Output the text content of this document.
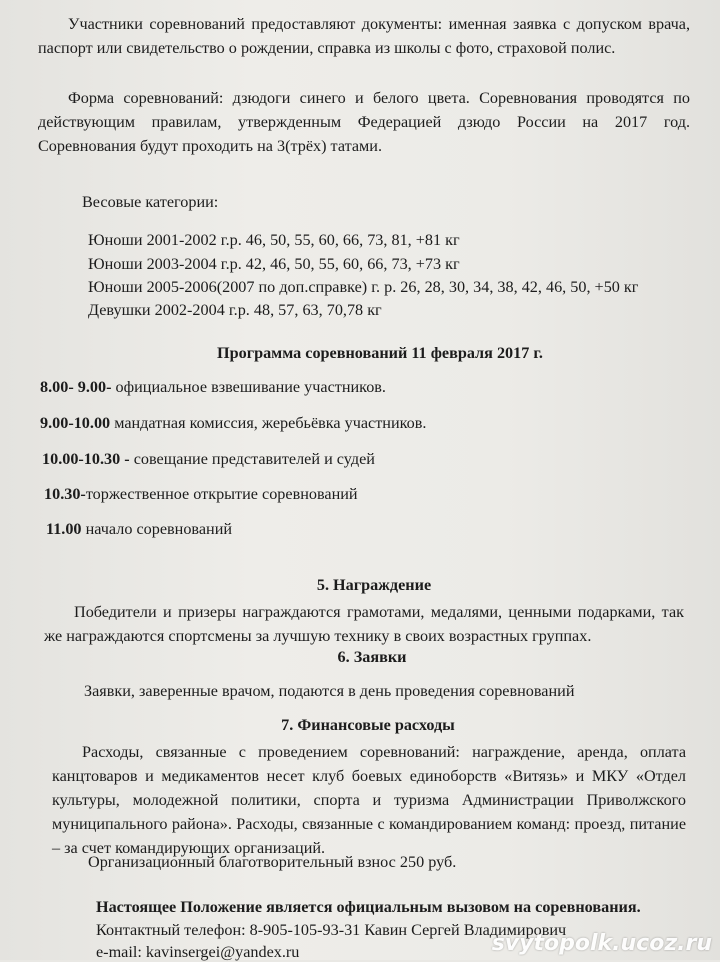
Участники соревнований предоставляют документы: именная заявка с допуском врача, паспорт или свидетельство о рождении, справка из школы с фото, страховой полис.
Форма соревнований: дзюдоги синего и белого цвета. Соревнования проводятся по действующим правилам, утвержденным Федерацией дзюдо России на 2017 год. Соревнования будут проходить на 3(трёх) татами.
Весовые категории:
Юноши 2001-2002 г.р. 46, 50, 55, 60, 66, 73, 81, +81 кг
Юноши 2003-2004 г.р. 42, 46, 50, 55, 60, 66, 73, +73 кг
Юноши 2005-2006(2007 по доп.справке) г. р. 26, 28, 30, 34, 38, 42, 46, 50, +50 кг
Девушки 2002-2004 г.р. 48, 57, 63, 70,78 кг
Программа соревнований 11 февраля 2017 г.
8.00- 9.00- официальное взвешивание участников.
9.00-10.00 мандатная комиссия, жеребьёвка участников.
10.00-10.30 - совещание представителей и судей
10.30-торжественное открытие соревнований
11.00 начало соревнований
5. Награждение
Победители и призеры награждаются грамотами, медалями, ценными подарками, так же награждаются спортсмены за лучшую технику в своих возрастных группах.
6. Заявки
Заявки, заверенные врачом, подаются в день проведения соревнований
7. Финансовые расходы
Расходы, связанные с проведением соревнований: награждение, аренда, оплата канцтоваров и медикаментов несет клуб боевых единоборств «Витязь» и МКУ «Отдел культуры, молодежной политики, спорта и туризма Администрации Приволжского муниципального района». Расходы, связанные с командированием команд: проезд, питание – за счет командирующих организаций.
Организационный благотворительный взнос 250 руб.
Настоящее Положение является официальным вызовом на соревнования.
Контактный телефон: 8-905-105-93-31 Кавин Сергей Владимирович
e-mail: kavinsergei@yandex.ru	svytopolk.ucoz.ru
